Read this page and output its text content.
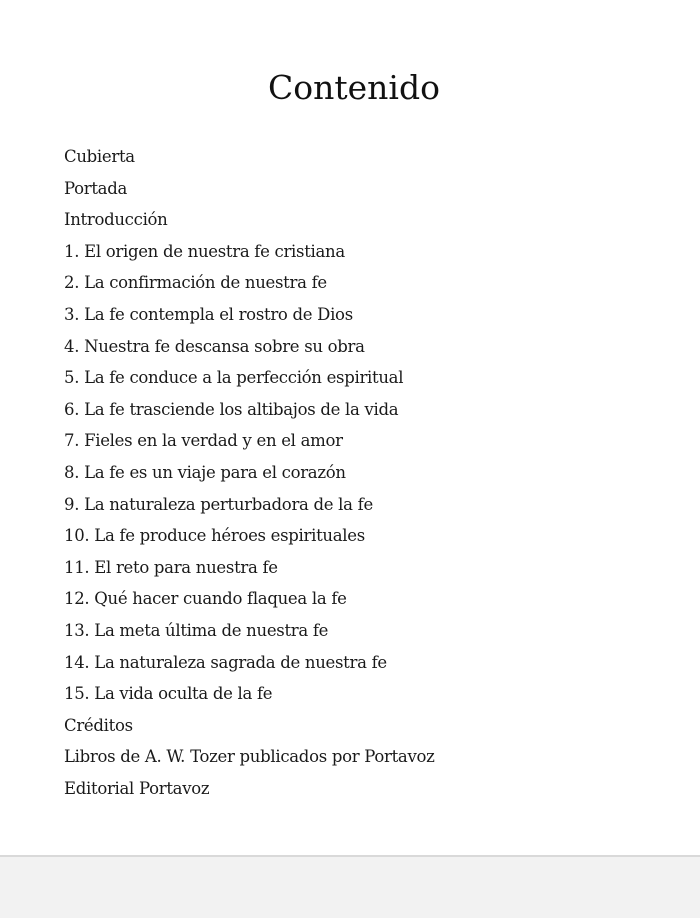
Contenido
Cubierta
Portada
Introducción
1. El origen de nuestra fe cristiana
2. La confirmación de nuestra fe
3. La fe contempla el rostro de Dios
4. Nuestra fe descansa sobre su obra
5. La fe conduce a la perfección espiritual
6. La fe trasciende los altibajos de la vida
7. Fieles en la verdad y en el amor
8. La fe es un viaje para el corazón
9. La naturaleza perturbadora de la fe
10. La fe produce héroes espirituales
11. El reto para nuestra fe
12. Qué hacer cuando flaquea la fe
13. La meta última de nuestra fe
14. La naturaleza sagrada de nuestra fe
15. La vida oculta de la fe
Créditos
Libros de A. W. Tozer publicados por Portavoz
Editorial Portavoz
